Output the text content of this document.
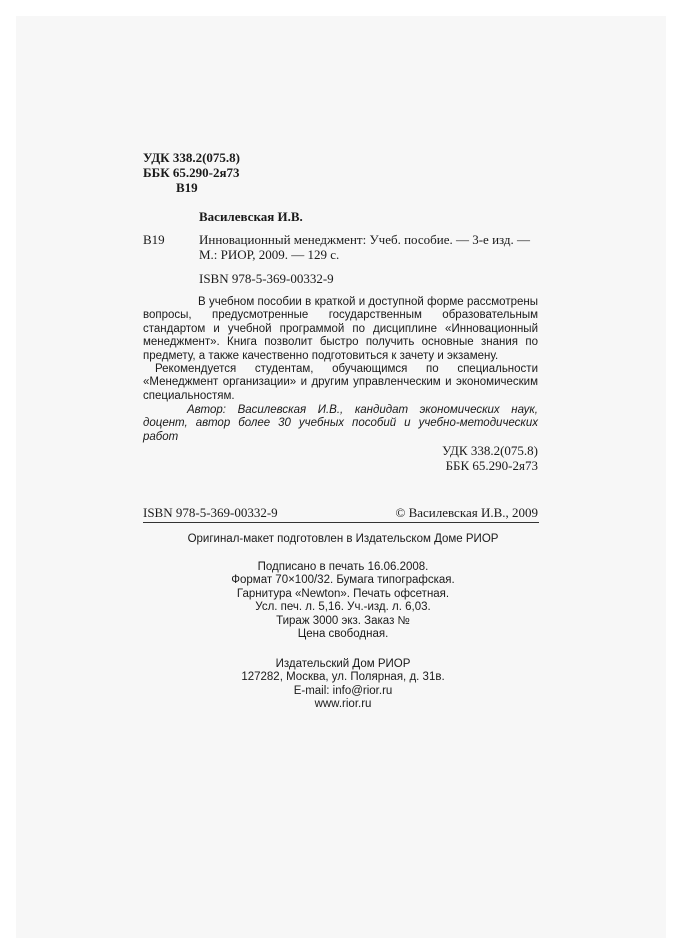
УДК 338.2(075.8)
ББК 65.290-2я73
В19
Василевская И.В.
В19	Инновационный менеджмент: Учеб. пособие. — 3-е изд. —
М.: РИОР, 2009. — 129 с.
ISBN 978-5-369-00332-9
В учебном пособии в краткой и доступной форме рассмотрены вопросы, предусмотренные государственным образовательным стандартом и учебной программой по дисциплине «Инновационный менеджмент». Книга позволит быстро получить основные знания по предмету, а также качественно подготовиться к зачету и экзамену.
Рекомендуется студентам, обучающимся по специальности «Менеджмент организации» и другим управленческим и экономическим специальностям.
Автор: Василевская И.В., кандидат экономических наук, доцент, автор более 30 учебных пособий и учебно-методических работ
УДК 338.2(075.8)
ББК 65.290-2я73
ISBN 978-5-369-00332-9	© Василевская И.В., 2009
Оригинал-макет подготовлен в Издательском Доме РИОР
Подписано в печать 16.06.2008.
Формат 70×100/32. Бумага типографская.
Гарнитура «Newton». Печать офсетная.
Усл. печ. л. 5,16. Уч.-изд. л. 6,03.
Тираж 3000 экз. Заказ №
Цена свободная.
Издательский Дом РИОР
127282, Москва, ул. Полярная, д. 31в.
E-mail: info@rior.ru
www.rior.ru
